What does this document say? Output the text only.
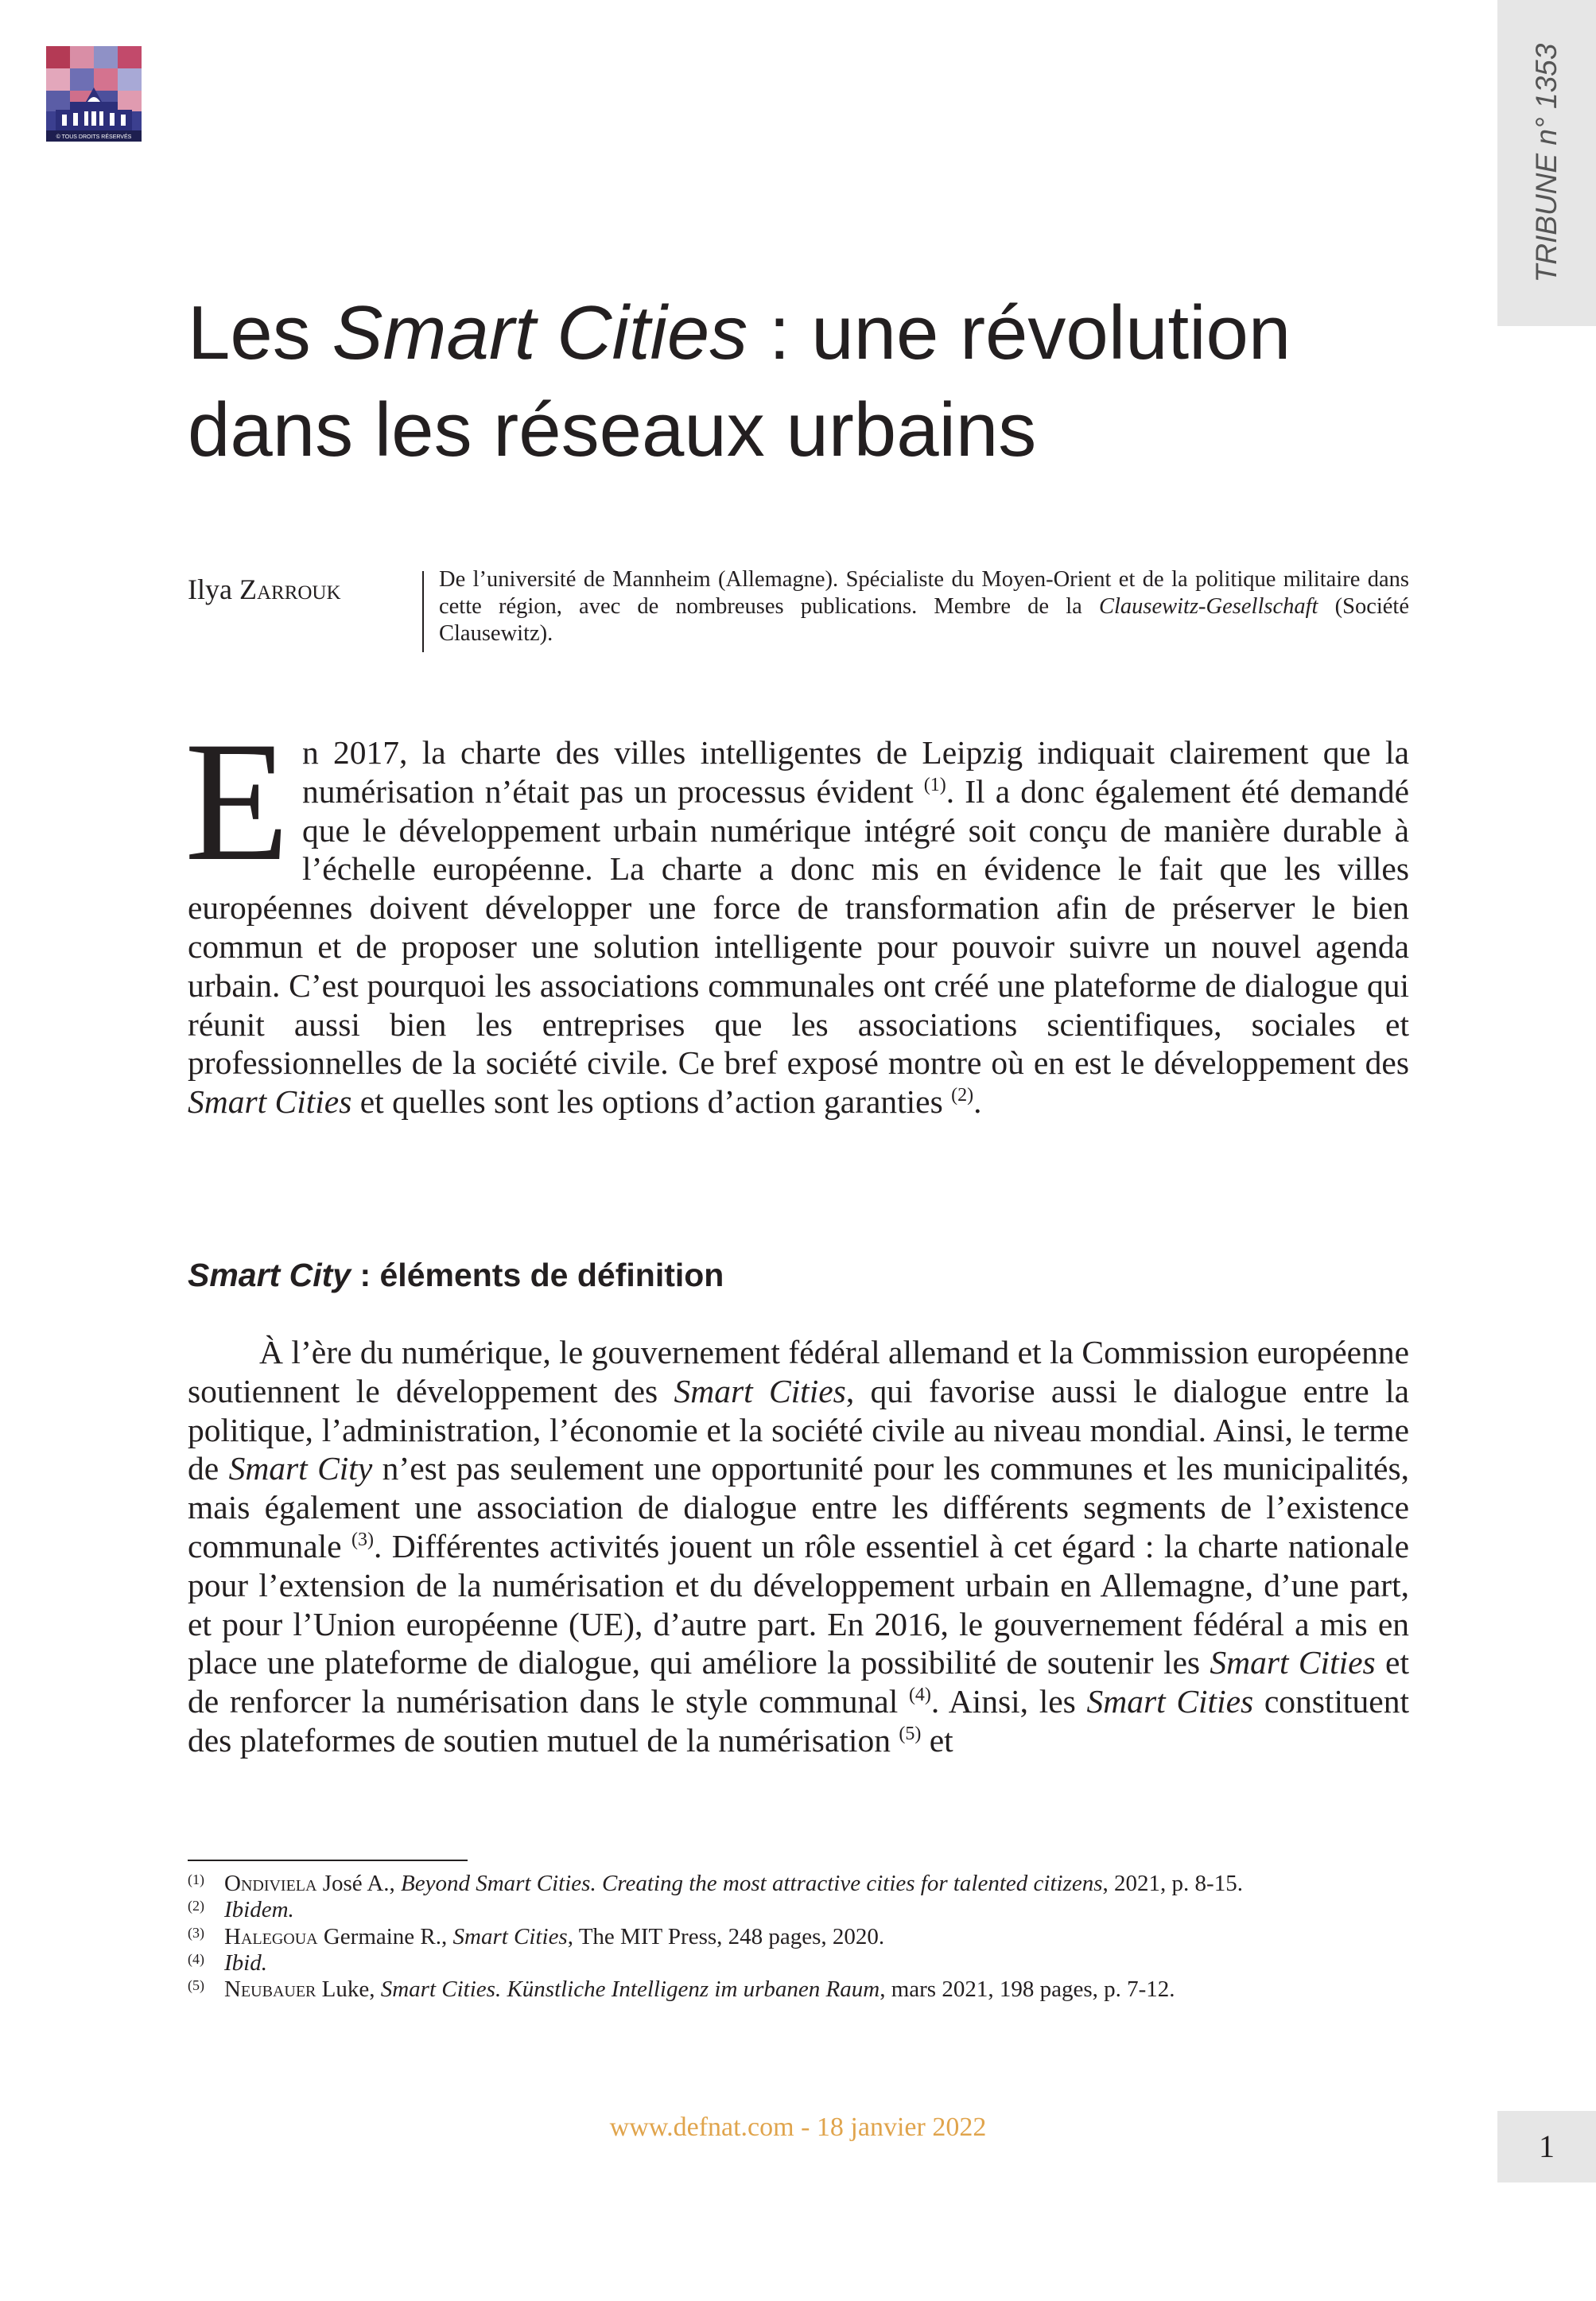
© TOUS DROITS RÉSERVÉS	TRIBUNE n° 1353
Les Smart Cities : une révolution
dans les réseaux urbains
Ilya Zarrouk	De l’université de Mannheim (Allemagne). Spécialiste du Moyen-Orient et de la politique militaire dans cette région, avec de nombreuses publications. Membre de la Clausewitz-Gesellschaft (Société Clausewitz).

En 2017, la charte des villes intelligentes de Leipzig indiquait clairement que la numérisation n’était pas un processus évident $^{(1)}$. Il a donc également été demandé que le développement urbain numérique intégré soit conçu de manière durable à l’échelle européenne. La charte a donc mis en évidence le fait que les villes européennes doivent développer une force de transformation afin de préserver le bien commun et de proposer une solution intelligente pour pouvoir suivre un nouvel agenda urbain. C’est pourquoi les associations communales ont créé une plateforme de dialogue qui réunit aussi bien les entreprises que les associations scientifiques, sociales et professionnelles de la société civile. Ce bref exposé montre où en est le développement des Smart Cities et quelles sont les options d’action garanties $^{(2)}$.

Smart City : éléments de définition

À l’ère du numérique, le gouvernement fédéral allemand et la Commission européenne soutiennent le développement des Smart Cities, qui favorise aussi le dialogue entre la politique, l’administration, l’économie et la société civile au niveau mondial. Ainsi, le terme de Smart City n’est pas seulement une opportunité pour les communes et les municipalités, mais également une association de dialogue entre les différents segments de l’existence communale $^{(3)}$. Différentes activités jouent un rôle essentiel à cet égard : la charte nationale pour l’extension de la numérisation et du développement urbain en Allemagne, d’une part, et pour l’Union européenne (UE), d’autre part. En 2016, le gouvernement fédéral a mis en place une plateforme de dialogue, qui améliore la possibilité de soutenir les Smart Cities et de renforcer la numérisation dans le style communal $^{(4)}$. Ainsi, les Smart Cities constituent des plateformes de soutien mutuel de la numérisation $^{(5)}$ et

(1) Ondiviela José A., Beyond Smart Cities. Creating the most attractive cities for talented citizens, 2021, p. 8-15.
(2) Ibidem.
(3) Halegoua Germaine R., Smart Cities, The MIT Press, 248 pages, 2020.
(4) Ibid.
(5) Neubauer Luke, Smart Cities. Künstliche Intelligenz im urbanen Raum, mars 2021, 198 pages, p. 7-12.
www.defnat.com - 18 janvier 2022
1
